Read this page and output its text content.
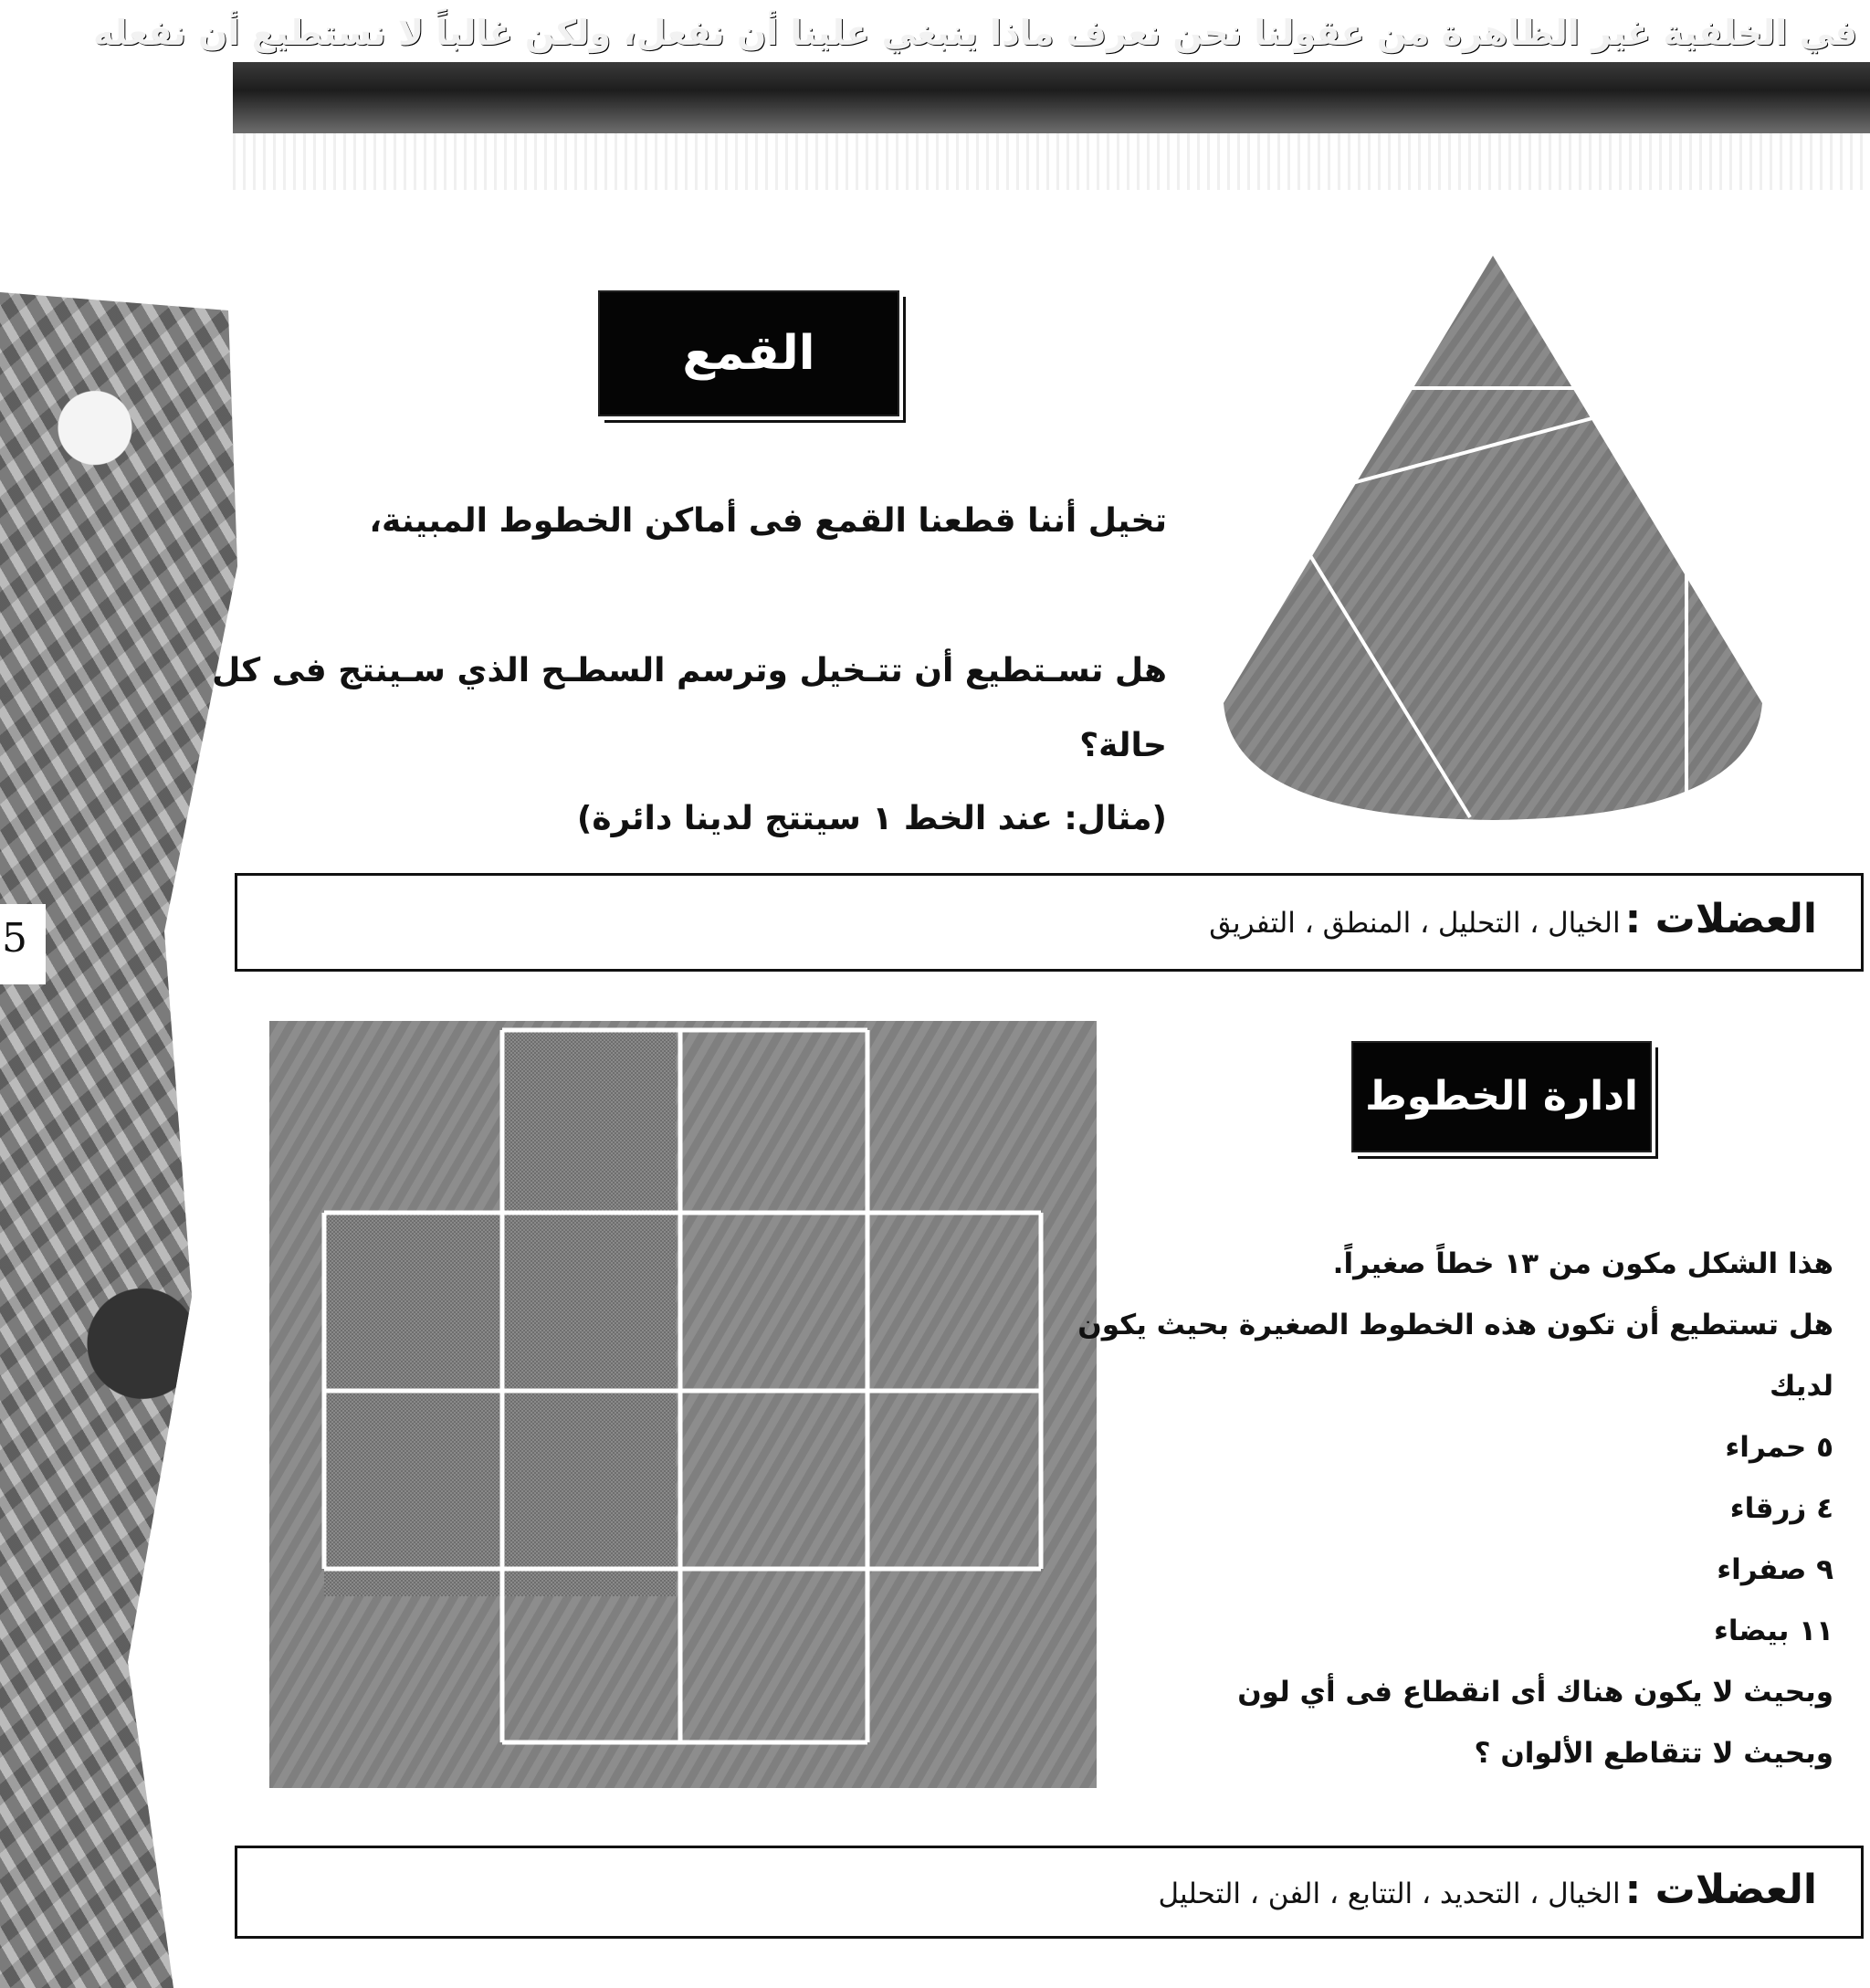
في الخلفية غير الظاهرة من عقولنا نحن نعرف ماذا ينبغي علينا أن نفعل، ولكن غالباً لا نستطيع أن نفعله
5
1
3
2
4
القمع
تخيل أننا قطعنا القمع فى أماكن الخطوط المبينة،
هل تسـتطيع أن تتـخيل وترسم السطـح الذي سـينتج فى كل
حالة؟
(مثال: عند الخط ١ سيتتج لدينا دائرة)
العضلات : الخيال ، التحليل ، المنطق ، التفريق
ادارة الخطوط
هذا الشكل مكون من ١٣ خطاً صغيراً.
هل تستطيع أن تكون هذه الخطوط الصغيرة بحيث يكون
لديك
٥ حمراء
٤ زرقاء
٩ صفراء
١١ بيضاء
وبحيث لا يكون هناك أى انقطاع فى أي لون
وبحيث لا تتقاطع الألوان ؟
العضلات : الخيال ، التحديد ، التتابع ، الفن ، التحليل
